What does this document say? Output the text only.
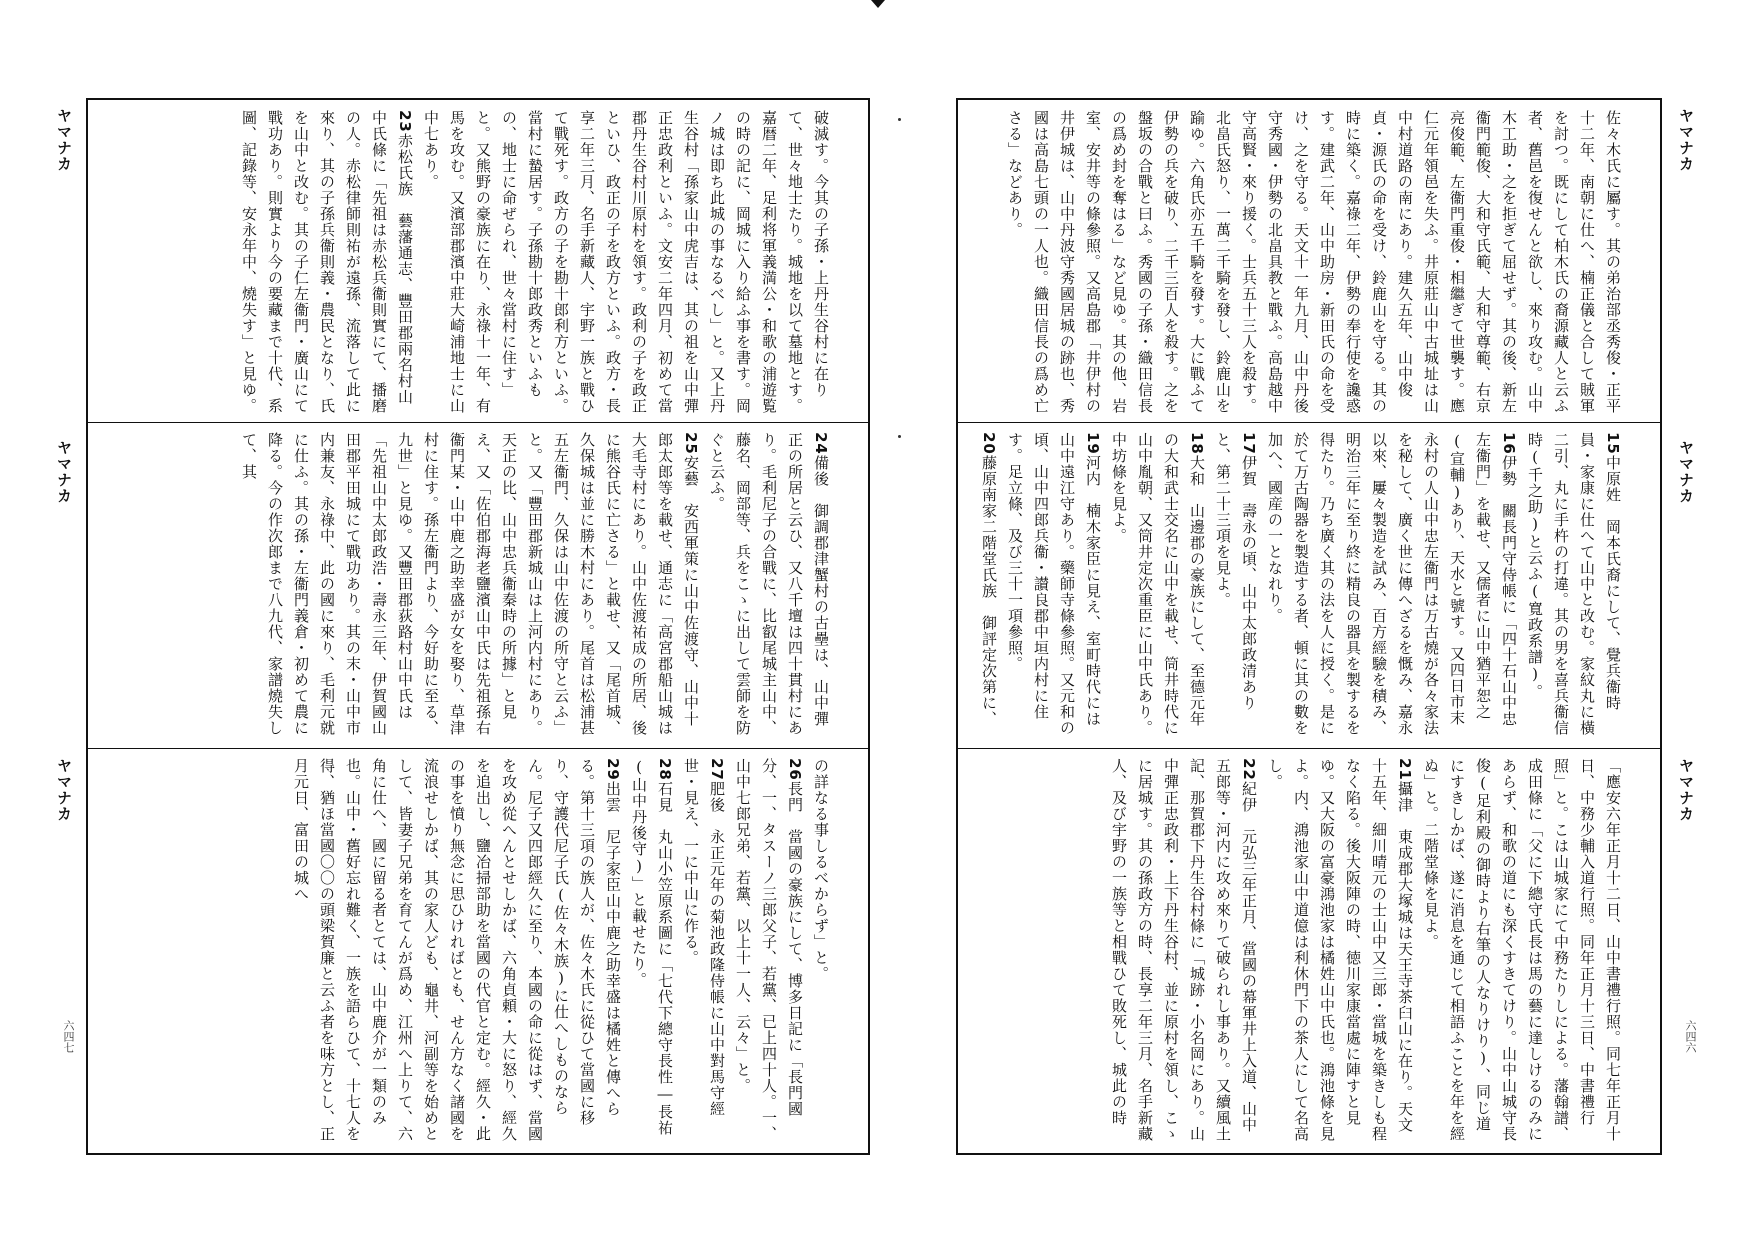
破滅す。今其の子孫・上丹生谷村に在りて、世々地士たり。城地を以て墓地とす。嘉暦二年、足利将軍義満公・和歌の浦遊覧の時の記に、岡城に入り給ふ事を書す。岡ノ城は即ち此城の事なるべし」と。又上丹生谷村「孫家山中虎吉は、其の祖を山中彈正忠政利といふ。文安二年四月、初めて當郡丹生谷村川原村を領す。政利の子を政正といひ、政正の子を政方といふ。政方・長享二年三月、名手新藏人、宇野一族と戰ひて戰死す。政方の子を勘十郎利方といふ。當村に蟄居す。子孫勘十郎政秀といふもの、地士に命ぜられ、世々當村に住す」と。又熊野の豪族に在り、永祿十一年、有馬を攻む。又濱部郡濱中莊大崎浦地士に山中七あり。
23赤松氏族　藝藩通志、豐田郡兩名村山中氏條に「先祖は赤松兵衞則實にて、播磨の人。赤松律師則祐が遠孫、流落して此に來り、其の子孫兵衞則義・農民となり、氏を山中と改む。其の子仁左衞門・廣山にて戰功あり。則實より今の要藏まで十代、系圖、記錄等、安永年中、燒失す」と見ゆ。

24備後　御調郡津蟹村の古壘は、山中彈正の所居と云ひ、又八千壇は四十貫村にあり。毛利尼子の合戰に、比叡尾城主山中、藤名、岡部等、兵をこゝに出して雲師を防ぐと云ふ。
25安藝　安西軍策に山中佐渡守、山中十郎太郎等を載せ、通志に「高宮郡船山城は大毛寺村にあり。山中佐渡祐成の所居、後に熊谷氏に亡さる」と載せ、又「尾首城、久保城は並に勝木村にあり。尾首は松浦甚五左衞門、久保は山中佐渡の所守と云ふ」と。又「豐田郡新城山は上河内村にあり。天正の比、山中忠兵衞秦時の所據」と見え、又「佐伯郡海老鹽濱山中氏は先祖孫右衞門某・山中鹿之助幸盛が女を娶り、草津村に住す。孫左衞門より、今好助に至る、九世」と見ゆ。又豐田郡荻路村山中氏は「先祖山中太郎政浩・壽永三年、伊賀國山田郡平田城にて戰功あり。其の末・山中市内兼友、永祿中、此の國に來り、毛利元就に仕ふ。其の孫・左衞門義倉・初めて農に降る。今の作次郎まで八九代、家譜燒失して、其

の詳なる事しるべからず」と。
26長門　當國の豪族にして、博多日記に「長門國分、一、タスーノ三郎父子、若黨、已上四十人。一、山中七郎兄弟、若黨、以上十一人、云々」と。
27肥後　永正元年の菊池政隆侍帳に山中對馬守經世・見え、一に中山に作る。
28石見　丸山小笠原系圖に「七代下總守長性―長祐(山中丹後守)」と載せたり。
29出雲　尼子家臣山中鹿之助幸盛は橘姓と傳へらる。第十三項の族人が、佐々木氏に從ひて當國に移り、守護代尼子氏(佐々木族)に仕へしものならん。尼子又四郎經久に至り、本國の命に從はず、當國を攻め從へんとせしかば、六角貞頼・大に怒り、經久を追出し、鹽冶掃部助を當國の代官と定む。經久・此の事を憤り無念に思ひければとも、せん方なく諸國を流浪せしかば、其の家人ども、龜井、河副等を始めとして、皆妻子兄弟を育てんが爲め、江州へ上りて、六角に仕へ、國に留る者とては、山中鹿介が一類のみ也。山中・舊好忘れ難く、一族を語らひて、十七人を得、猶ほ當國〇〇の頭梁賀廉と云ふ者を味方とし、正月元日、富田の城へ

ヤマナカ
ヤマナカ
ヤマナカ
六四七

佐々木氏に屬す。其の弟治部丞秀俊・正平十二年、南朝に仕へ、楠正儀と合して賊軍を討つ。既にして柏木氏の裔源藏人と云ふ者、舊邑を復せんと欲し、來り攻む。山中木工助・之を拒ぎて屈せず。其の後、新左衞門範俊、大和守氏範、大和守尊範、右京亮俊範、左衞門重俊・相繼ぎて世襲す。應仁元年領邑を失ふ。井原莊山中古城址は山中村道路の南にあり。建久五年、山中俊貞・源氏の命を受け、鈴鹿山を守る。其の時に築く。嘉祿二年、伊勢の奉行使を讒惑す。建武二年、山中助房・新田氏の命を受け、之を守る。天文十一年九月、山中丹後守秀國・伊勢の北畠具教と戰ふ。高島越中守高賢・來り援く。士兵五十三人を殺す。北畠氏怒り、一萬二千騎を發し、鈴鹿山を踰ゆ。六角氏亦五千騎を發す。大に戰ふて伊勢の兵を破り、二千三百人を殺す。之を盤坂の合戰と曰ふ。秀國の子孫・織田信長の爲め封を奪はる」など見ゆ。其の他、岩室、安井等の條參照。又高島郡「井伊村の井伊城は、山中丹波守秀國居城の跡也、秀國は高島七頭の一人也。織田信長の爲め亡さる」などあり。

15中原姓　岡本氏裔にして、覺兵衞時員・家康に仕へて山中と改む。家紋丸に橫二引、丸に手杵の打違。其の男を喜兵衞信時(千之助)と云ふ(寬政系譜)。
16伊勢　關長門守侍帳に「四十石山中忠左衞門」を載せ、又儒者に山中猶平恕之(宣輔)あり、天水と號す。又四日市末永村の人山中忠左衞門は万古燒が各々家法を秘して、廣く世に傳へざるを慨み、嘉永以來、屢々製造を試み、百方經驗を積み、明治三年に至り終に精良の器具を製するを得たり。乃ち廣く其の法を人に授く。是に於て万古陶器を製造する者、頓に其の數を加へ、國産の一となれり。
17伊賀　壽永の頃、山中太郎政清ありと、第二十三項を見よ。
18大和　山邊郡の豪族にして、至德元年の大和武士交名に山中を載せ、筒井時代に山中胤朝、又筒井定次重臣に山中氏あり。中坊條を見よ。
19河内　楠木家臣に見え、室町時代には山中遠江守あり。藥師寺條參照。又元和の頃、山中四郎兵衞・讃良郡中垣内村に住す。足立條、及び三十一項參照。
20藤原南家二階堂氏族　御評定次第に、

「應安六年正月十二日、山中書禮行照。同七年正月十日、中務少輔入道行照。同年正月十三日、中書禮行照」と。こは山城家にて中務たりしによる。藩翰譜、成田條に「父に下總守氏長は馬の藝に達しけるのみにあらず、和歌の道にも深くすきてけり。山中山城守長俊(足利殿の御時より右筆の人なりけり)、同じ道にすきしかば、遂に消息を通じて相語ふことを年を經ぬ」と。二階堂條を見よ。
21攝津　東成郡大塚城は天王寺茶臼山に在り。天文十五年、細川晴元の士山中又三郎・當城を築きしも程なく陷る。後大阪陣の時、徳川家康當處に陣すと見ゆ。又大阪の富豪鴻池家は橘姓山中氏也。鴻池條を見よ。内、鴻池家山中道億は利休門下の茶人にして名高し。
22紀伊　元弘三年正月、當國の幕軍井上入道、山中五郎等・河内に攻め來りて破られし事あり。又續風土記、那賀郡下丹生谷村條に「城跡・小名岡にあり。山中彈正忠政利・上下丹生谷村、並に原村を領し、こゝに居城す。其の孫政方の時、長享二年三月、名手新藏人、及び宇野の一族等と相戰ひて敗死し、城此の時

ヤマナカ
ヤマナカ
ヤマナカ
六四六
